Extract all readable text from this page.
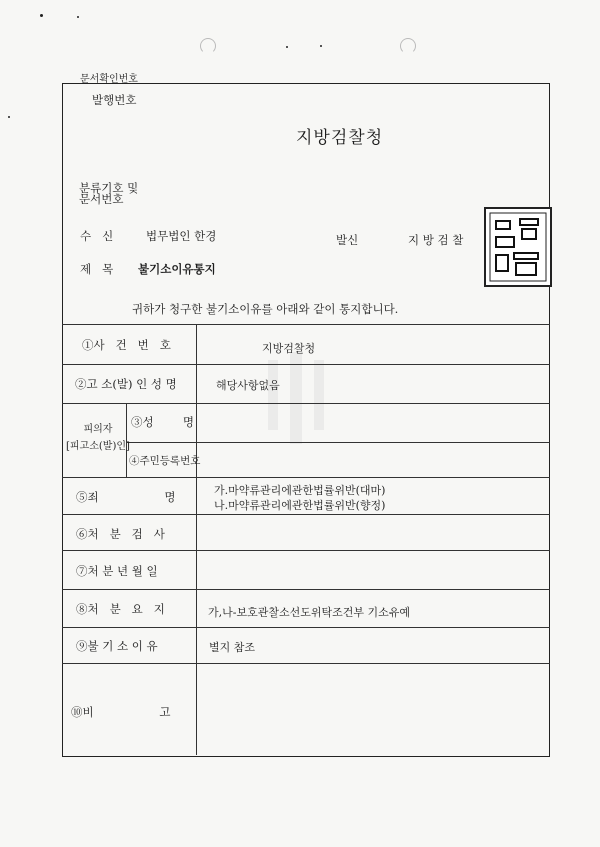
문서확인번호
발행번호
지방검찰청
분류기호 및
문서번호
수   신	법무법인 한경	발신	지 방 검 찰
제   목 불기소이유통지
귀하가 청구한 불기소이유를 아래와 같이 통지합니다.
①사   건   번   호	지방검찰청
②고 소(발) 인 성 명	해당사항없음
피의자
[피고소(발)인]
③성        명
④주민등록번호
⑤죄                  명	가.마약류관리에관한법률위반(대마)
나.마약류관리에관한법률위반(향정)
⑥처   분   검   사
⑦처 분 년 월 일
⑧처   분   요   지	가,나-보호관찰소선도위탁조건부 기소유예
⑨불 기 소 이 유	별지 참조
⑩비                  고
